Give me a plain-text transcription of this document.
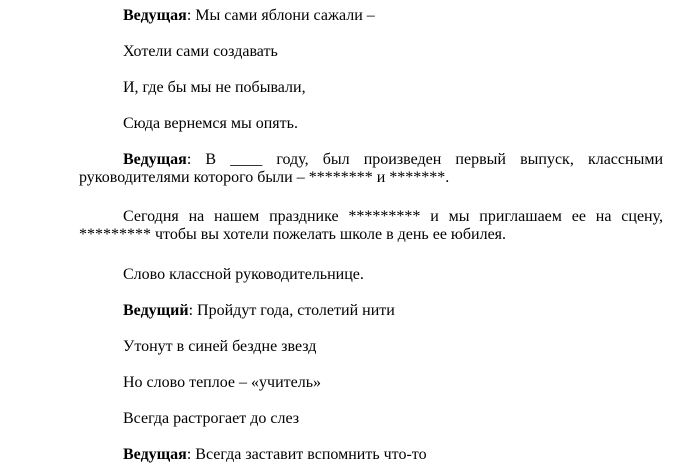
Ведущая: Мы сами яблони сажали –

Хотели сами создавать

И, где бы мы не побывали,

Сюда вернемся мы опять.

Ведущая: В ____ году, был произведен первый выпуск, классными руководителями которого были – ******** и *******.

Сегодня на нашем празднике ********* и мы приглашаем ее на сцену, ********* чтобы вы хотели пожелать школе в день ее юбилея.

Слово классной руководительнице.

Ведущий: Пройдут года, столетий нити

Утонут в синей бездне звезд

Но слово теплое – «учитель»

Всегда растрогает до слез

Ведущая: Всегда заставит вспомнить что-то
